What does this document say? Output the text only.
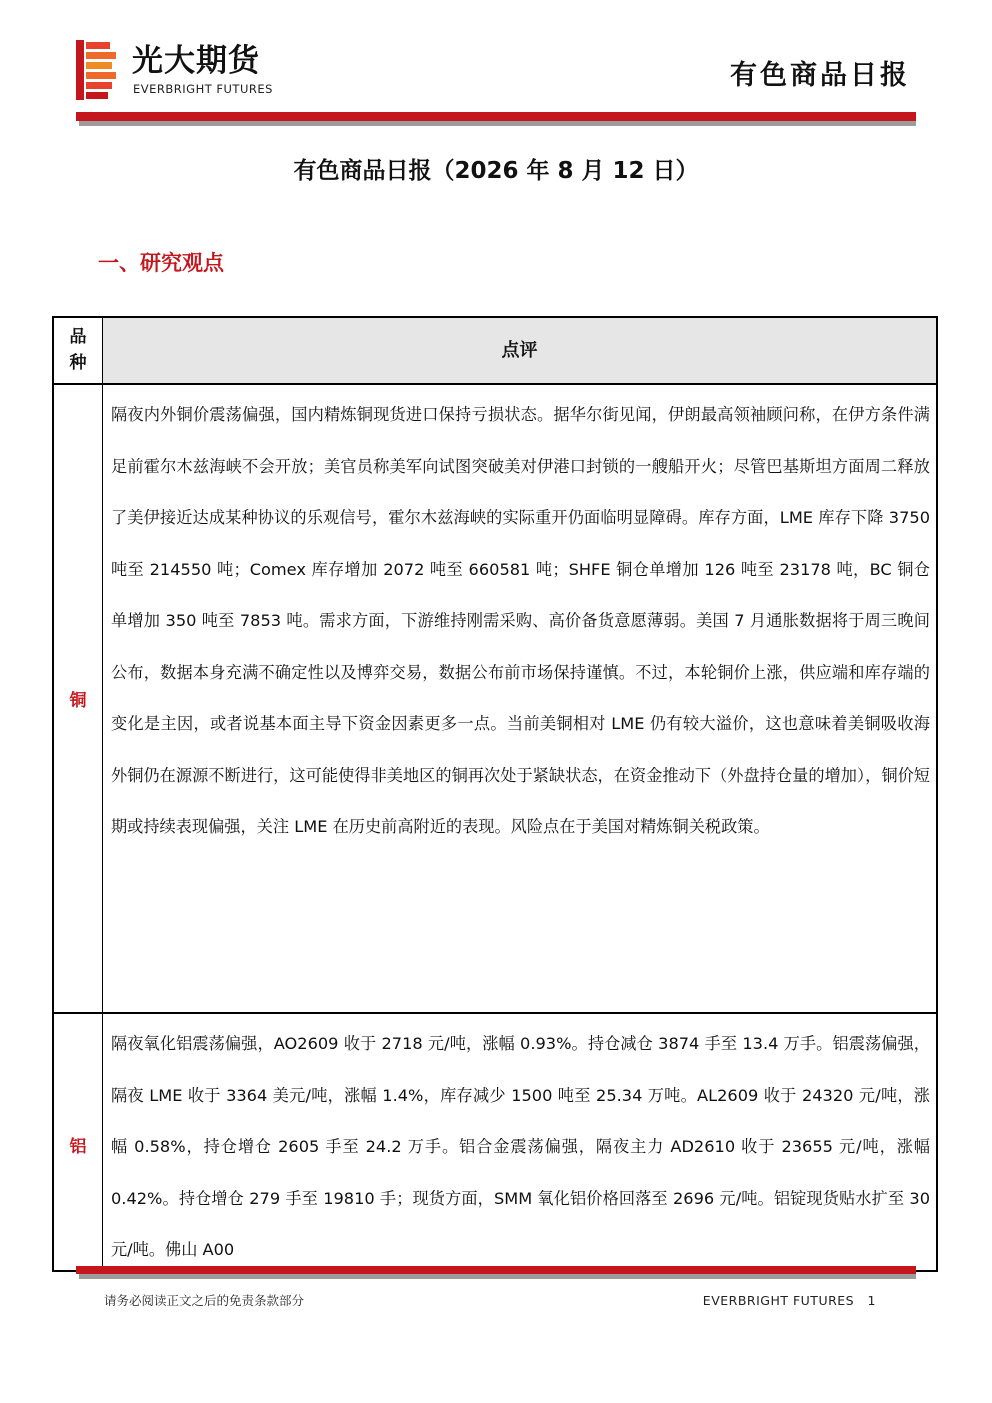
光大期货
EVERBRIGHT FUTURES	有色商品日报
有色商品日报（2026 年 8 月 12 日）
一、研究观点
品
种
点评
铜

隔夜内外铜价震荡偏强，国内精炼铜现货进口保持亏损状态。据华尔街见闻，伊朗最高领袖顾问称，在伊方条件满足前霍尔木兹海峡不会开放；美官员称美军向试图突破美对伊港口封锁的一艘船开火；尽管巴基斯坦方面周二释放了美伊接近达成某种协议的乐观信号，霍尔木兹海峡的实际重开仍面临明显障碍。库存方面，LME 库存下降 3750 吨至 214550 吨；Comex 库存增加 2072 吨至 660581 吨；SHFE 铜仓单增加 126 吨至 23178 吨，BC 铜仓单增加 350 吨至 7853 吨。需求方面，下游维持刚需采购、高价备货意愿薄弱。美国 7 月通胀数据将于周三晚间公布，数据本身充满不确定性以及博弈交易，数据公布前市场保持谨慎。不过，本轮铜价上涨，供应端和库存端的变化是主因，或者说基本面主导下资金因素更多一点。当前美铜相对 LME 仍有较大溢价，这也意味着美铜吸收海外铜仍在源源不断进行，这可能使得非美地区的铜再次处于紧缺状态，在资金推动下（外盘持仓量的增加），铜价短期或持续表现偏强，关注 LME 在历史前高附近的表现。风险点在于美国对精炼铜关税政策。

铝

隔夜氧化铝震荡偏强，AO2609 收于 2718 元/吨，涨幅 0.93%。持仓减仓 3874 手至 13.4 万手。铝震荡偏强，隔夜 LME 收于 3364 美元/吨，涨幅 1.4%，库存减少 1500 吨至 25.34 万吨。AL2609 收于 24320 元/吨，涨幅 0.58%，持仓增仓 2605 手至 24.2 万手。铝合金震荡偏强，隔夜主力 AD2610 收于 23655 元/吨，涨幅 0.42%。持仓增仓 279 手至 19810 手；现货方面，SMM 氧化铝价格回落至 2696 元/吨。铝锭现货贴水扩至 30 元/吨。佛山 A00

请务必阅读正文之后的免责条款部分	EVERBRIGHT FUTURES 1
